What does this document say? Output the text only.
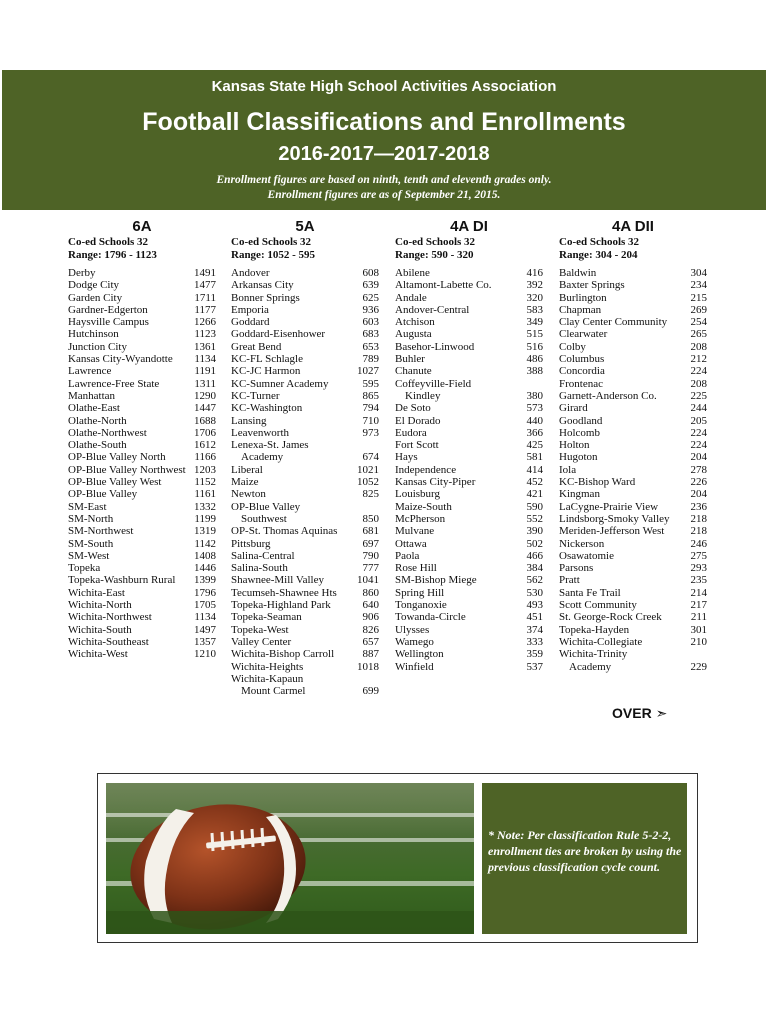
Kansas State High School Activities Association
Football Classifications and Enrollments
2016-2017—2017-2018
Enrollment figures are based on ninth, tenth and eleventh grades only.
Enrollment figures are as of September 21, 2015.
6A
Co-ed Schools 32
Range: 1796 - 1123
Derby	1491
Dodge City	1477
Garden City	1711
Gardner-Edgerton	1177
Haysville Campus	1266
Hutchinson	1123
Junction City	1361
Kansas City-Wyandotte 1134
Lawrence	1191
Lawrence-Free State	1311
Manhattan	1290
Olathe-East	1447
Olathe-North	1688
Olathe-Northwest	1706
Olathe-South	1612
OP-Blue Valley North	1166
OP-Blue Valley Northwest 1203
OP-Blue Valley West	1152
OP-Blue Valley	1161
SM-East	1332
SM-North	1199
SM-Northwest	1319
SM-South	1142
SM-West	1408
Topeka	1446
Topeka-Washburn Rural 1399
Wichita-East	1796
Wichita-North	1705
Wichita-Northwest	1134
Wichita-South	1497
Wichita-Southeast	1357
Wichita-West	1210
5A
Co-ed Schools 32
Range: 1052 - 595
Andover	608
Arkansas City	639
Bonner Springs	625
Emporia	936
Goddard	603
Goddard-Eisenhower	683
Great Bend	653
KC-FL Schlagle	789
KC-JC Harmon	1027
KC-Sumner Academy	595
KC-Turner	865
KC-Washington	794
Lansing	710
Leavenworth	973
Lenexa-St. James
Academy	674
Liberal	1021
Maize	1052
Newton	825
OP-Blue Valley
Southwest	850
OP-St. Thomas Aquinas 681
Pittsburg	697
Salina-Central	790
Salina-South	777
Shawnee-Mill Valley	1041
Tecumseh-Shawnee Hts 860
Topeka-Highland Park	640
Topeka-Seaman	906
Topeka-West	826
Valley Center	657
Wichita-Bishop Carroll	887
Wichita-Heights	1018
Wichita-Kapaun
Mount Carmel	699
4A DI
Co-ed Schools 32
Range: 590 - 320
Abilene	416
Altamont-Labette Co.	392
Andale	320
Andover-Central	583
Atchison	349
Augusta	515
Basehor-Linwood	516
Buhler	486
Chanute	388
Coffeyville-Field
Kindley	380
De Soto	573
El Dorado	440
Eudora	366
Fort Scott	425
Hays	581
Independence	414
Kansas City-Piper	452
Louisburg	421
Maize-South	590
McPherson	552
Mulvane	390
Ottawa	502
Paola	466
Rose Hill	384
SM-Bishop Miege	562
Spring Hill	530
Tonganoxie	493
Towanda-Circle	451
Ulysses	374
Wamego	333
Wellington	359
Winfield	537
4A DII
Co-ed Schools 32
Range: 304 - 204
Baldwin	304
Baxter Springs	234
Burlington	215
Chapman	269
Clay Center Community 254
Clearwater	265
Colby	208
Columbus	212
Concordia	224
Frontenac	208
Garnett-Anderson Co.	225
Girard	244
Goodland	205
Holcomb	224
Holton	224
Hugoton	204
Iola	278
KC-Bishop Ward	226
Kingman	204
LaCygne-Prairie View	236
Lindsborg-Smoky Valley 218
Meriden-Jefferson West 218
Nickerson	246
Osawatomie	275
Parsons	293
Pratt	235
Santa Fe Trail	214
Scott Community	217
St. George-Rock Creek	211
Topeka-Hayden	301
Wichita-Collegiate	210
Wichita-Trinity
Academy	229
OVER ➣

* Note: Per classification Rule 5-2-2, enrollment ties are broken by using the previous classification cycle count.
